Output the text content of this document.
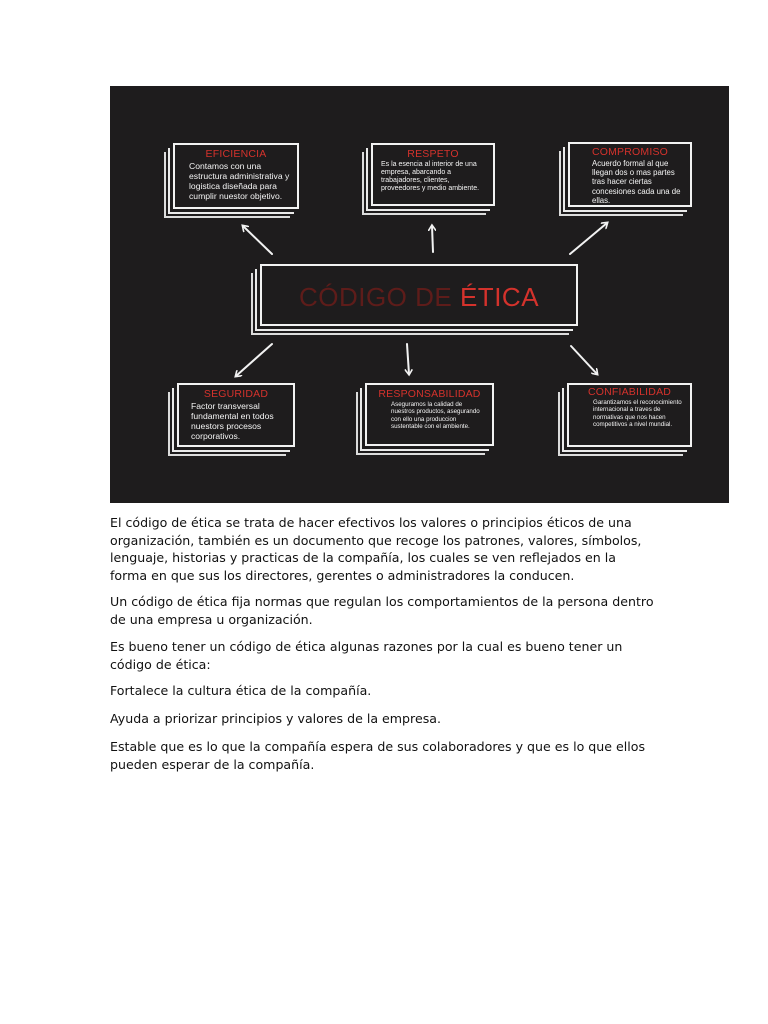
EFICIENCIA
Contamos con una estructura administrativa y logistica diseñada para cumplir nuestor objetivo.
RESPETO
Es la esencia al interior de una empresa, abarcando a trabajadores, clientes, proveedores y medio ambiente.
COMPROMISO
Acuerdo formal al que llegan dos o mas partes tras hacer ciertas concesiones cada una de ellas.
SEGURIDAD
Factor transversal fundamental en todos nuestors procesos corporativos.
RESPONSABILIDAD
Aseguramos la calidad de nuestros productos, asegurando con ello una produccion sustentable con el ambiente.
CONFIABILIDAD
Garantizamos el reconocimiento internacional a traves de normativas que nos hacen competitivos a nivel mundial.
CÓDIGO DE ÉTICA

El código de ética se trata de hacer efectivos los valores o principios éticos de una organización, también es un documento que recoge los patrones, valores, símbolos, lenguaje, historias y practicas de la compañía, los cuales se ven reflejados en la forma en que sus los directores, gerentes o administradores la conducen.

Un código de ética fija normas que regulan los comportamientos de la persona dentro de una empresa u organización.

Es bueno tener un código de ética algunas razones por la cual es bueno tener un código de ética:

Fortalece la cultura ética de la compañía.

Ayuda a priorizar principios y valores de la empresa.

Estable que es lo que la compañía espera de sus colaboradores y que es lo que ellos pueden esperar de la compañía.
